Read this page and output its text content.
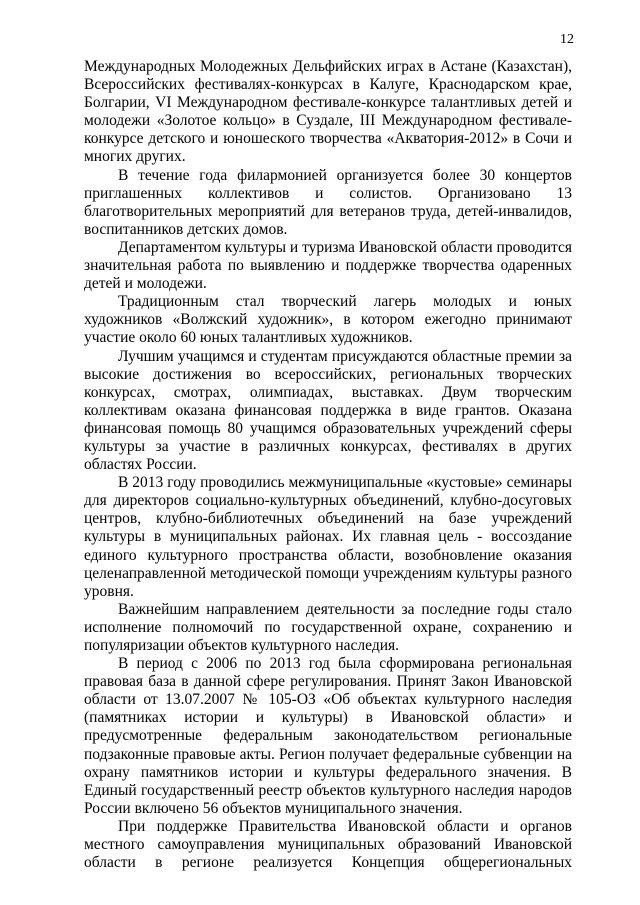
12

Международных Молодежных Дельфийских играх в Астане (Казахстан), Всероссийских фестивалях-конкурсах в Калуге, Краснодарском крае, Болгарии, VI Международном фестивале-конкурсе талантливых детей и молодежи «Золотое кольцо» в Суздале, III Международном фестивале-конкурсе детского и юношеского творчества «Акватория-2012» в Сочи и многих других.

В течение года филармонией организуется более 30 концертов приглашенных коллективов и солистов. Организовано 13 благотворительных мероприятий для ветеранов труда, детей-инвалидов, воспитанников детских домов.

Департаментом культуры и туризма Ивановской области проводится значительная работа по выявлению и поддержке творчества одаренных детей и молодежи.

Традиционным стал творческий лагерь молодых и юных художников «Волжский художник», в котором ежегодно принимают участие около 60 юных талантливых художников.

Лучшим учащимся и студентам присуждаются областные премии за высокие достижения во всероссийских, региональных творческих конкурсах, смотрах, олимпиадах, выставках. Двум творческим коллективам оказана финансовая поддержка в виде грантов. Оказана финансовая помощь 80 учащимся образовательных учреждений сферы культуры за участие в различных конкурсах, фестивалях в других областях России.

В 2013 году проводились межмуниципальные «кустовые» семинары для директоров социально-культурных объединений, клубно-досуговых центров, клубно-библиотечных объединений на базе учреждений культуры в муниципальных районах. Их главная цель - воссоздание единого культурного пространства области, возобновление оказания целенаправленной методической помощи учреждениям культуры разного уровня.

Важнейшим направлением деятельности за последние годы стало исполнение полномочий по государственной охране, сохранению и популяризации объектов культурного наследия.

В период с 2006 по 2013 год была сформирована региональная правовая база в данной сфере регулирования. Принят Закон Ивановской области от 13.07.2007 № 105-ОЗ «Об объектах культурного наследия (памятниках истории и культуры) в Ивановской области» и предусмотренные федеральным законодательством региональные подзаконные правовые акты. Регион получает федеральные субвенции на охрану памятников истории и культуры федерального значения. В Единый государственный реестр объектов культурного наследия народов России включено 56 объектов муниципального значения.

При поддержке Правительства Ивановской области и органов местного самоуправления муниципальных образований Ивановской области в регионе реализуется Концепция общерегиональных
